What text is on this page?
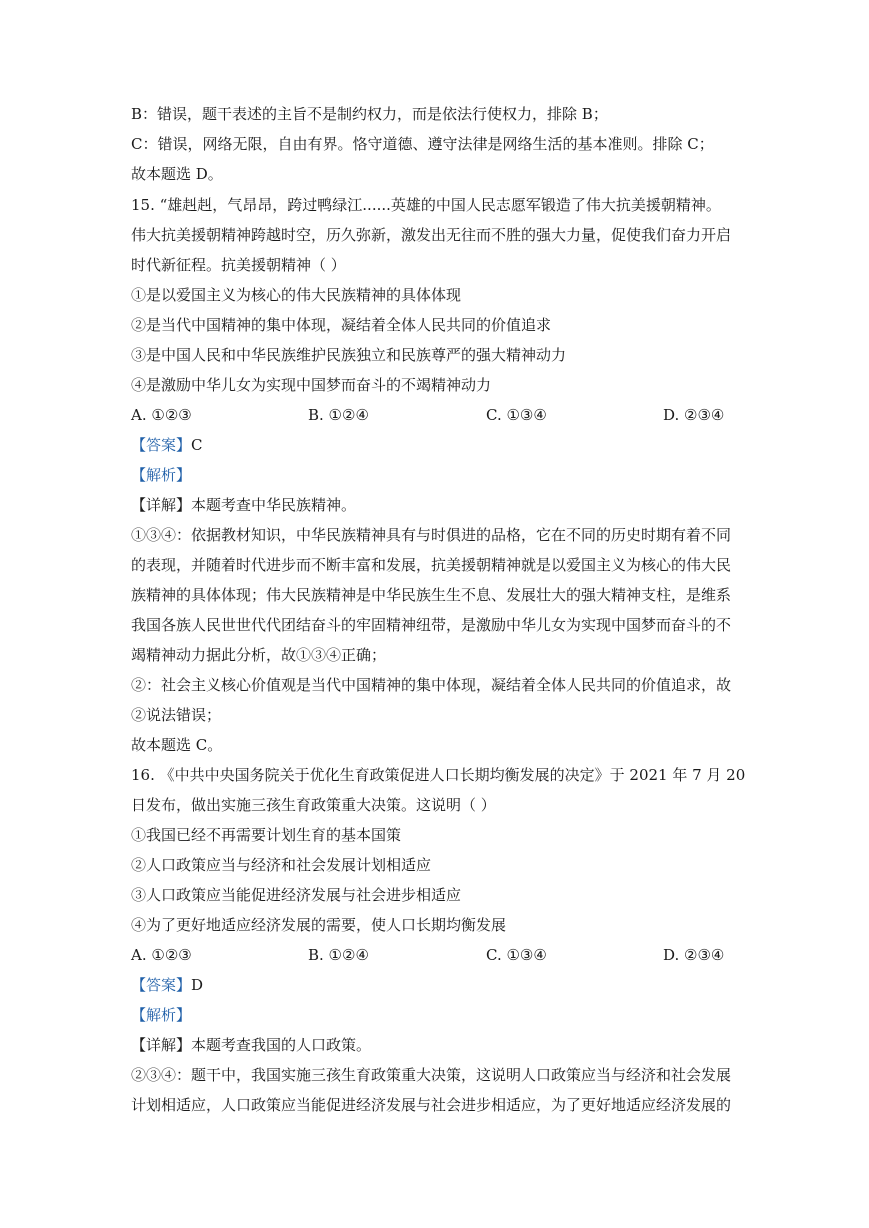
B：错误，题干表述的主旨不是制约权力，而是依法行使权力，排除 B；
C：错误，网络无限，自由有界。恪守道德、遵守法律是网络生活的基本准则。排除 C；
故本题选 D。
15. “雄赳赳，气昂昂，跨过鸭绿江......英雄的中国人民志愿军锻造了伟大抗美援朝精神。
伟大抗美援朝精神跨越时空，历久弥新，激发出无往而不胜的强大力量，促使我们奋力开启
时代新征程。抗美援朝精神（ ）
①是以爱国主义为核心的伟大民族精神的具体体现
②是当代中国精神的集中体现，凝结着全体人民共同的价值追求
③是中国人民和中华民族维护民族独立和民族尊严的强大精神动力
④是激励中华儿女为实现中国梦而奋斗的不竭精神动力
A. ①②③	B. ①②④	C. ①③④	D. ②③④
【答案】C
【解析】
【详解】本题考查中华民族精神。
①③④：依据教材知识，中华民族精神具有与时俱进的品格，它在不同的历史时期有着不同
的表现，并随着时代进步而不断丰富和发展，抗美援朝精神就是以爱国主义为核心的伟大民
族精神的具体体现；伟大民族精神是中华民族生生不息、发展壮大的强大精神支柱，是维系
我国各族人民世世代代团结奋斗的牢固精神纽带，是激励中华儿女为实现中国梦而奋斗的不
竭精神动力据此分析，故①③④正确；
②：社会主义核心价值观是当代中国精神的集中体现，凝结着全体人民共同的价值追求，故
②说法错误；
故本题选 C。
16. 《中共中央国务院关于优化生育政策促进人口长期均衡发展的决定》于 2021 年 7 月 20
日发布，做出实施三孩生育政策重大决策。这说明（ ）
①我国已经不再需要计划生育的基本国策
②人口政策应当与经济和社会发展计划相适应
③人口政策应当能促进经济发展与社会进步相适应
④为了更好地适应经济发展的需要，使人口长期均衡发展
A. ①②③	B. ①②④	C. ①③④	D. ②③④
【答案】D
【解析】
【详解】本题考查我国的人口政策。
②③④：题干中，我国实施三孩生育政策重大决策，这说明人口政策应当与经济和社会发展
计划相适应，人口政策应当能促进经济发展与社会进步相适应，为了更好地适应经济发展的
